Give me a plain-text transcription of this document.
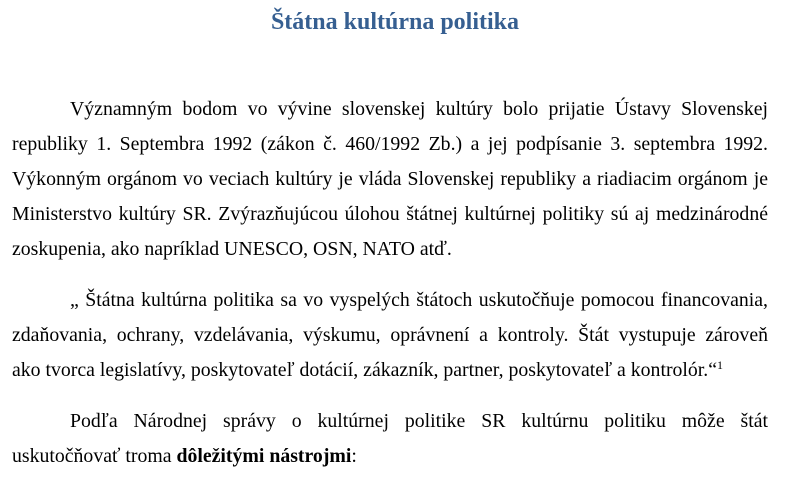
Štátna kultúrna politika
Významným bodom vo vývine slovenskej kultúry bolo prijatie Ústavy Slovenskej
republiky 1. Septembra 1992 (zákon č. 460/1992 Zb.) a jej podpísanie 3. septembra 1992.
Výkonným orgánom vo veciach kultúry je vláda Slovenskej republiky a riadiacim orgánom je
Ministerstvo kultúry SR. Zvýrazňujúcou úlohou štátnej kultúrnej politiky sú aj medzinárodné
zoskupenia, ako napríklad UNESCO, OSN, NATO atď.
„ Štátna kultúrna politika sa vo vyspelých štátoch uskutočňuje pomocou financovania,
zdaňovania, ochrany, vzdelávania, výskumu, oprávnení a kontroly. Štát vystupuje zároveň
ako tvorca legislatívy, poskytovateľ dotácií, zákazník, partner, poskytovateľ a kontrolór.“$^1$
Podľa Národnej správy o kultúrnej politike SR kultúrnu politiku môže štát
uskutočňovať troma dôležitými nástrojmi:
